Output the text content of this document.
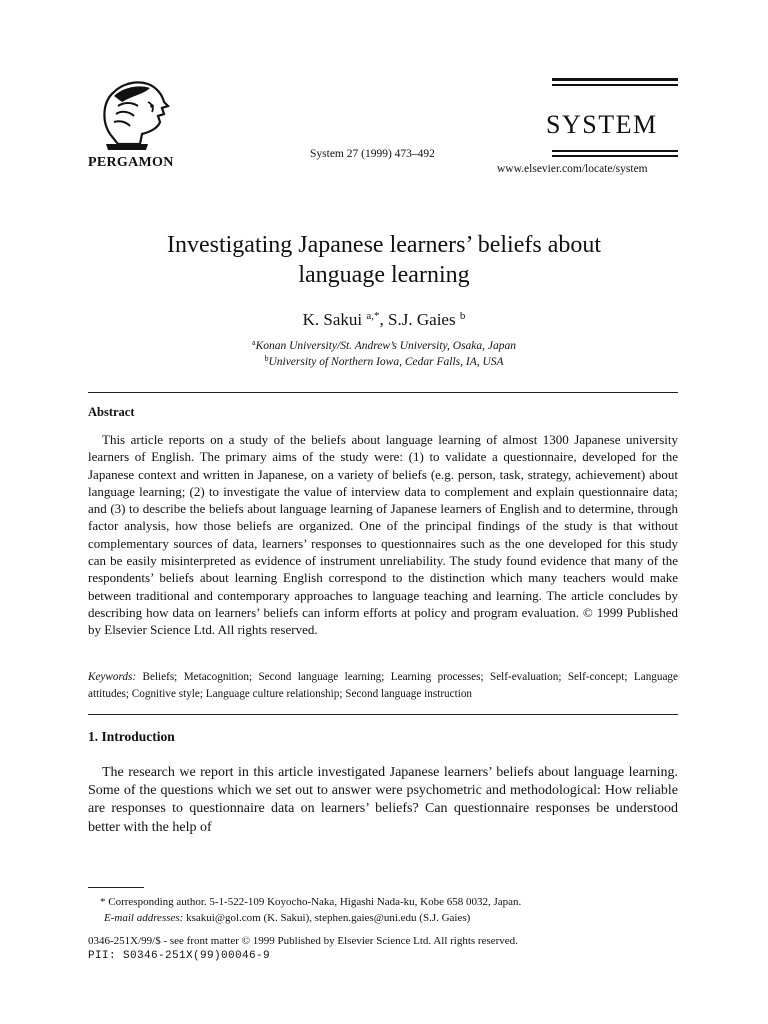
PERGAMON
System 27 (1999) 473–492
SYSTEM
www.elsevier.com/locate/system
Investigating Japanese learners’ beliefs about
language learning
K. Sakui $^{a,*}$, S.J. Gaies $^b$
$^a$Konan University/St. Andrew’s University, Osaka, Japan
$^b$University of Northern Iowa, Cedar Falls, IA, USA
Abstract
This article reports on a study of the beliefs about language learning of almost 1300 Japanese university learners of English. The primary aims of the study were: (1) to validate a questionnaire, developed for the Japanese context and written in Japanese, on a variety of beliefs (e.g. person, task, strategy, achievement) about language learning; (2) to investigate the value of interview data to complement and explain questionnaire data; and (3) to describe the beliefs about language learning of Japanese learners of English and to determine, through factor analysis, how those beliefs are organized. One of the principal findings of the study is that without complementary sources of data, learners’ responses to questionnaires such as the one developed for this study can be easily misinterpreted as evidence of instrument unreliability. The study found evidence that many of the respondents’ beliefs about learning English correspond to the distinction which many teachers would make between traditional and contemporary approaches to language teaching and learning. The article concludes by describing how data on learners’ beliefs can inform efforts at policy and program evaluation. © 1999 Published by Elsevier Science Ltd. All rights reserved.
Keywords: Beliefs; Metacognition; Second language learning; Learning processes; Self-evaluation; Self-concept; Language attitudes; Cognitive style; Language culture relationship; Second language instruction
1. Introduction
The research we report in this article investigated Japanese learners’ beliefs about language learning. Some of the questions which we set out to answer were psychometric and methodological: How reliable are responses to questionnaire data on learners’ beliefs? Can questionnaire responses be understood better with the help of
* Corresponding author. 5-1-522-109 Koyocho-Naka, Higashi Nada-ku, Kobe 658 0032, Japan.
E-mail addresses: ksakui@gol.com (K. Sakui), stephen.gaies@uni.edu (S.J. Gaies)
0346-251X/99/$ - see front matter © 1999 Published by Elsevier Science Ltd. All rights reserved.
PII: S0346-251X(99)00046-9
